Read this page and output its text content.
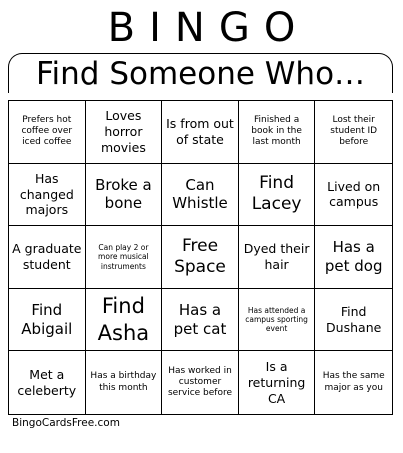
BINGO
Find Someone Who…
Prefers hot coffee over iced coffee
Loves horror movies
Is from out of state
Finished a book in the last month
Lost their student ID before
Has changed majors
Broke a bone
Can Whistle
Find Lacey
Lived on campus
A graduate student
Can play 2 or more musical instruments
Free Space
Dyed their hair
Has a pet dog
Find Abigail
Find Asha
Has a pet cat
Has attended a campus sporting event
Find Dushane
Met a celeberty
Has a birthday this month
Has worked in customer service before
Is a returning CA
Has the same major as you
BingoCardsFree.com
